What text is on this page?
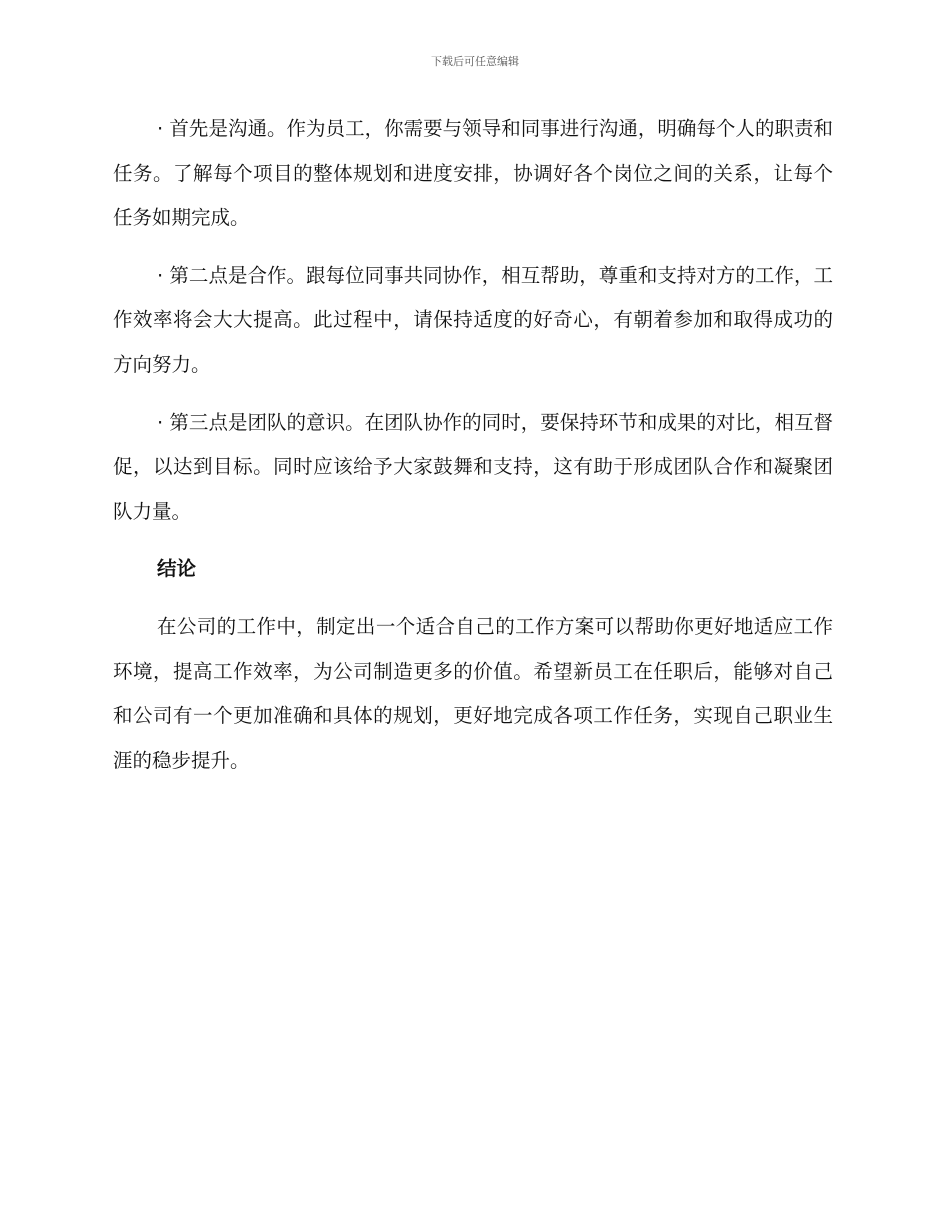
下载后可任意编辑

· 首先是沟通。作为员工，你需要与领导和同事进行沟通，明确每个人的职责和任务。了解每个项目的整体规划和进度安排，协调好各个岗位之间的关系，让每个任务如期完成。

· 第二点是合作。跟每位同事共同协作，相互帮助，尊重和支持对方的工作，工作效率将会大大提高。此过程中，请保持适度的好奇心，有朝着参加和取得成功的方向努力。

· 第三点是团队的意识。在团队协作的同时，要保持环节和成果的对比，相互督促，以达到目标。同时应该给予大家鼓舞和支持，这有助于形成团队合作和凝聚团队力量。

结论

在公司的工作中，制定出一个适合自己的工作方案可以帮助你更好地适应工作环境，提高工作效率，为公司制造更多的价值。希望新员工在任职后，能够对自己和公司有一个更加准确和具体的规划，更好地完成各项工作任务，实现自己职业生涯的稳步提升。
